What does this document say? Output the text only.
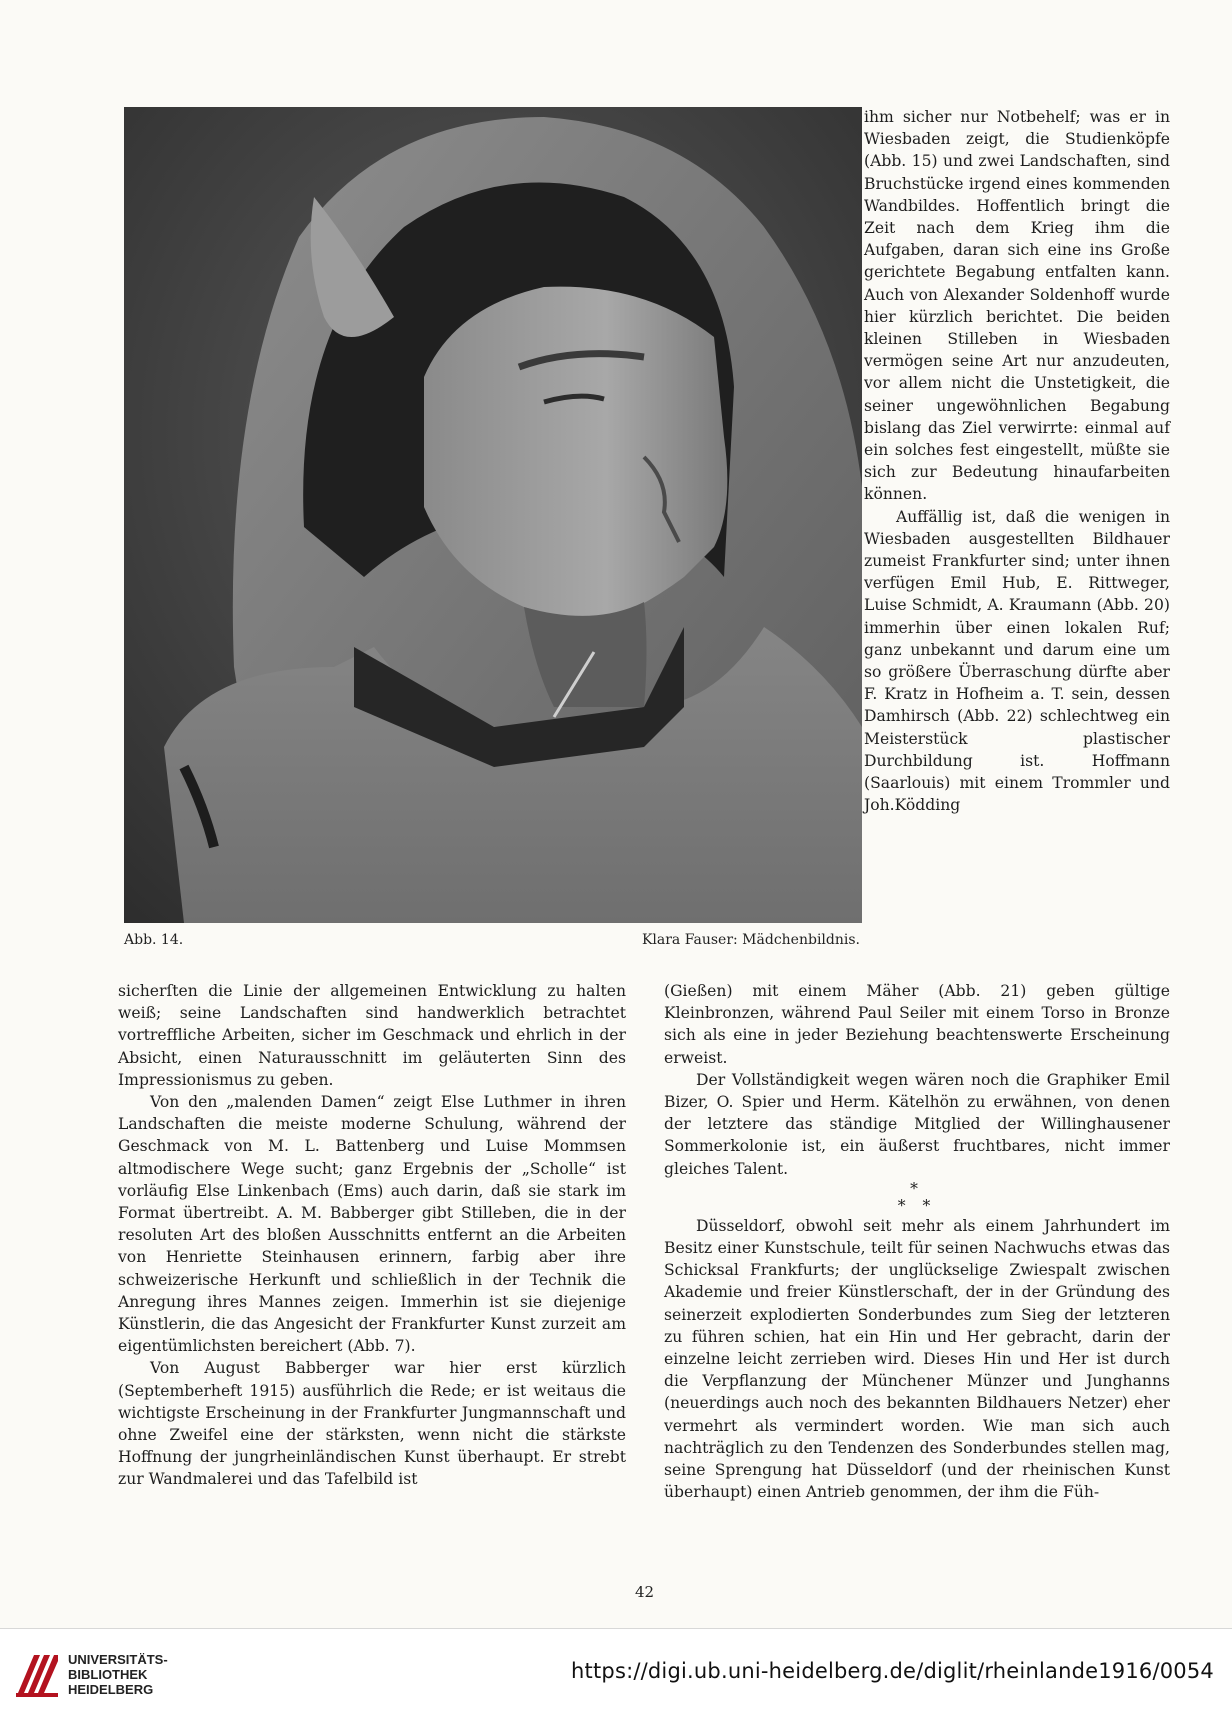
Abb. 14.	Klara Fauser: Mädchenbildnis.

ihm sicher nur Notbehelf; was er in Wiesbaden zeigt, die Studienköpfe (Abb. 15) und zwei Landschaften, sind Bruchstücke irgend eines kommenden Wandbildes. Hoffentlich bringt die Zeit nach dem Krieg ihm die Aufgaben, daran sich eine ins Große gerichtete Begabung entfalten kann. Auch von Alexander Soldenhoff wurde hier kürzlich berichtet. Die beiden kleinen Stilleben in Wiesbaden vermögen seine Art nur anzudeuten, vor allem nicht die Unstetigkeit, die seiner ungewöhnlichen Begabung bislang das Ziel verwirrte: einmal auf ein solches fest eingestellt, müßte sie sich zur Bedeutung hinaufarbeiten können.

Auffällig ist, daß die wenigen in Wiesbaden ausgestellten Bildhauer zumeist Frankfurter sind; unter ihnen verfügen Emil Hub, E. Rittweger, Luise Schmidt, A. Kraumann (Abb. 20) immerhin über einen lokalen Ruf; ganz unbekannt und darum eine um so größere Überraschung dürfte aber F. Kratz in Hofheim a. T. sein, dessen Damhirsch (Abb. 22) schlechtweg ein Meisterstück plastischer Durchbildung ist. Hoffmann (Saarlouis) mit einem Trommler und Joh.Ködding

sicherſten die Linie der allgemeinen Entwicklung zu halten weiß; seine Landschaften sind handwerklich betrachtet vortreffliche Arbeiten, sicher im Geschmack und ehrlich in der Absicht, einen Naturausschnitt im geläuterten Sinn des Impressionismus zu geben.

Von den „malenden Damen“ zeigt Else Luthmer in ihren Landschaften die meiste moderne Schulung, während der Geschmack von M. L. Battenberg und Luise Mommsen altmodischere Wege sucht; ganz Ergebnis der „Scholle“ ist vorläufig Else Linkenbach (Ems) auch darin, daß sie stark im Format übertreibt. A. M. Babberger gibt Stilleben, die in der resoluten Art des bloßen Ausschnitts entfernt an die Arbeiten von Henriette Steinhausen erinnern, farbig aber ihre schweizerische Herkunft und schließlich in der Technik die Anregung ihres Mannes zeigen. Immerhin ist sie diejenige Künstlerin, die das Angesicht der Frankfurter Kunst zurzeit am eigentümlichsten bereichert (Abb. 7).

Von August Babberger war hier erst kürzlich (Septemberheft 1915) ausführlich die Rede; er ist weitaus die wichtigste Erscheinung in der Frankfurter Jungmannschaft und ohne Zweifel eine der stärksten, wenn nicht die stärkste Hoffnung der jungrheinländischen Kunst überhaupt. Er strebt zur Wandmalerei und das Tafelbild ist

(Gießen) mit einem Mäher (Abb. 21) geben gültige Kleinbronzen, während Paul Seiler mit einem Torso in Bronze sich als eine in jeder Beziehung beachtenswerte Erscheinung erweist.

Der Vollständigkeit wegen wären noch die Graphiker Emil Bizer, O. Spier und Herm. Kätelhön zu erwähnen, von denen der letztere das ständige Mitglied der Willinghausener Sommerkolonie ist, ein äußerst fruchtbares, nicht immer gleiches Talent.

*
* *

Düsseldorf, obwohl seit mehr als einem Jahrhundert im Besitz einer Kunstschule, teilt für seinen Nachwuchs etwas das Schicksal Frankfurts; der unglückselige Zwiespalt zwischen Akademie und freier Künstlerschaft, der in der Gründung des seinerzeit explodierten Sonderbundes zum Sieg der letzteren zu führen schien, hat ein Hin und Her gebracht, darin der einzelne leicht zerrieben wird. Dieses Hin und Her ist durch die Verpflanzung der Münchener Münzer und Junghanns (neuerdings auch noch des bekannten Bildhauers Netzer) eher vermehrt als vermindert worden. Wie man sich auch nachträglich zu den Tendenzen des Sonderbundes stellen mag, seine Sprengung hat Düsseldorf (und der rheinischen Kunst überhaupt) einen Antrieb genommen, der ihm die Füh-

42
UNIVERSITÄTS-
BIBLIOTHEK
HEIDELBERG
https://digi.ub.uni-heidelberg.de/diglit/rheinlande1916/0054
